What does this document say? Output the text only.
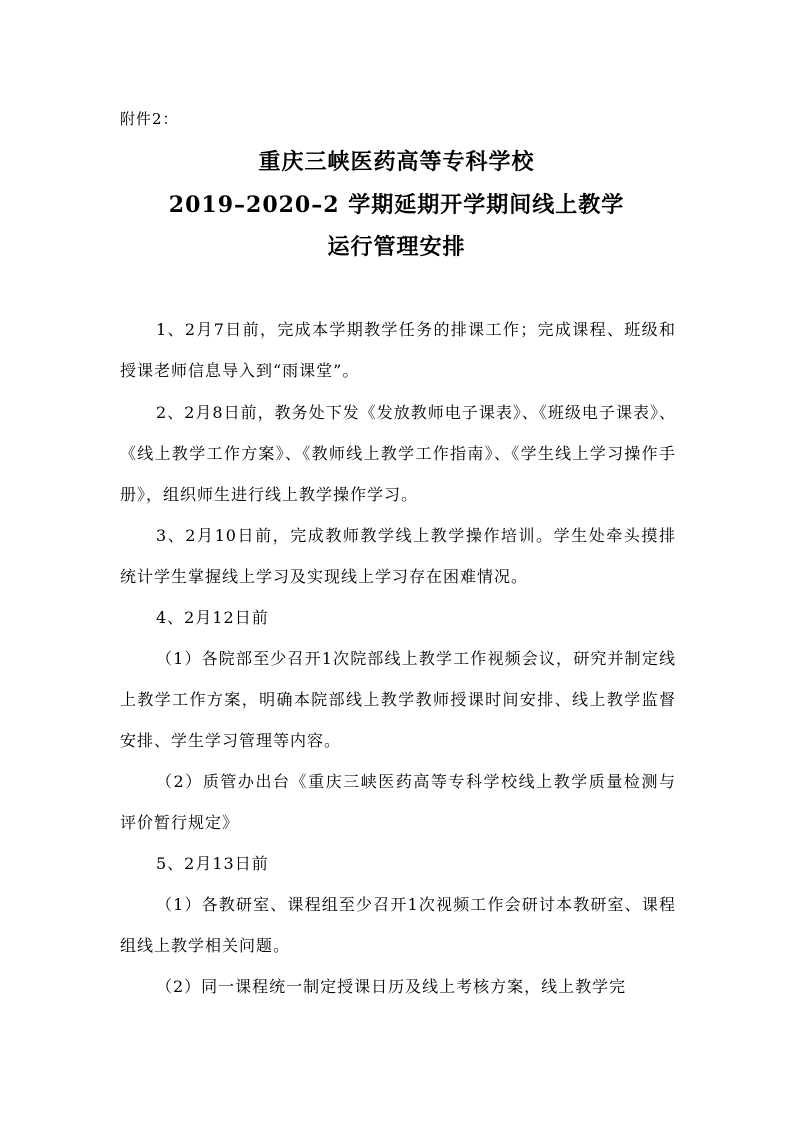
附件2：
重庆三峡医药高等专科学校
2019–2020–2 学期延期开学期间线上教学
运行管理安排
1、2月7日前，完成本学期教学任务的排课工作；完成课程、班级和授课老师信息导入到“雨课堂”。
2、2月8日前，教务处下发《发放教师电子课表》、《班级电子课表》、《线上教学工作方案》、《教师线上教学工作指南》、《学生线上学习操作手册》，组织师生进行线上教学操作学习。
3、2月10日前，完成教师教学线上教学操作培训。学生处牵头摸排统计学生掌握线上学习及实现线上学习存在困难情况。
4、2月12日前
（1）各院部至少召开1次院部线上教学工作视频会议，研究并制定线上教学工作方案，明确本院部线上教学教师授课时间安排、线上教学监督安排、学生学习管理等内容。
（2）质管办出台《重庆三峡医药高等专科学校线上教学质量检测与评价暂行规定》
5、2月13日前
（1）各教研室、课程组至少召开1次视频工作会研讨本教研室、课程组线上教学相关问题。
（2）同一课程统一制定授课日历及线上考核方案，线上教学完
